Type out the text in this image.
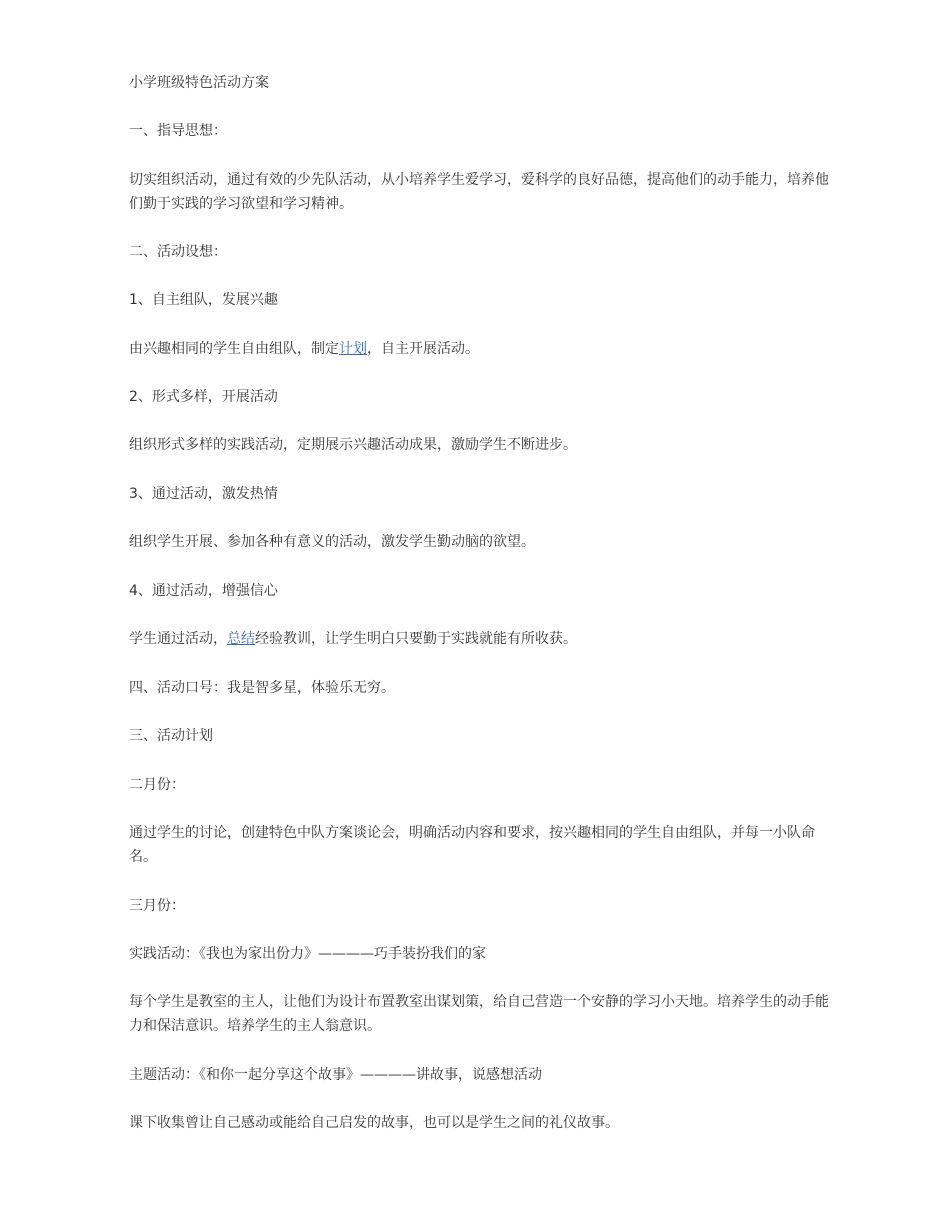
小学班级特色活动方案

一、指导思想：

切实组织活动，通过有效的少先队活动，从小培养学生爱学习，爱科学的良好品德，提高他们的动手能力，培养他们勤于实践的学习欲望和学习精神。

二、活动设想：

1、自主组队，发展兴趣

由兴趣相同的学生自由组队，制定计划，自主开展活动。

2、形式多样，开展活动

组织形式多样的实践活动，定期展示兴趣活动成果，激励学生不断进步。

3、通过活动，激发热情

组织学生开展、参加各种有意义的活动，激发学生勤动脑的欲望。

4、通过活动，增强信心

学生通过活动，总结经验教训，让学生明白只要勤于实践就能有所收获。

四、活动口号：我是智多星，体验乐无穷。

三、活动计划

二月份：

通过学生的讨论，创建特色中队方案谈论会，明确活动内容和要求，按兴趣相同的学生自由组队，并每一小队命名。

三月份：

实践活动：《我也为家出份力》————巧手装扮我们的家

每个学生是教室的主人，让他们为设计布置教室出谋划策，给自己营造一个安静的学习小天地。培养学生的动手能力和保洁意识。培养学生的主人翁意识。

主题活动：《和你一起分享这个故事》————讲故事，说感想活动

课下收集曾让自己感动或能给自己启发的故事，也可以是学生之间的礼仪故事。
